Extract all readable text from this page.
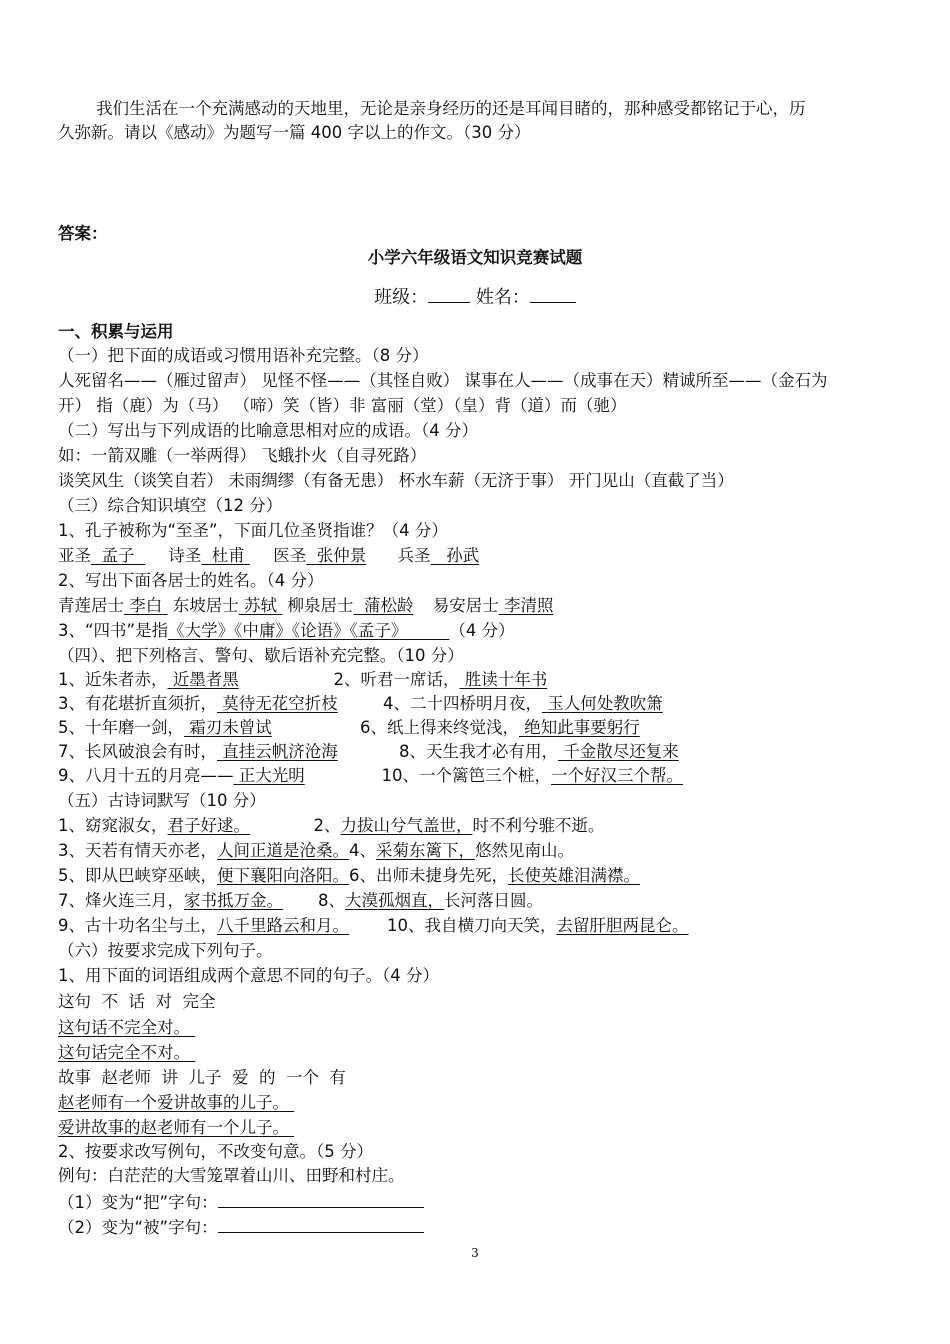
我们生活在一个充满感动的天地里，无论是亲身经历的还是耳闻目睹的，那种感受都铭记于心，历
久弥新。请以《感动》为题写一篇 400 字以上的作文。（30 分）
答案：
小学六年级语文知识竞赛试题
班级：	姓名：
一、积累与运用
（一）把下面的成语或习惯用语补充完整。（8 分）
人死留名——（雁过留声） 见怪不怪——（其怪自败） 谋事在人——（成事在天）精诚所至——（金石为
开） 指（鹿）为（马） （啼）笑（皆）非 富丽（堂）（皇）背（道）而（驰）
（二）写出与下列成语的比喻意思相对应的成语。（4 分）
如：一箭双雕（一举两得） 飞蛾扑火（自寻死路）
谈笑风生（谈笑自若） 未雨绸缪（有备无患） 杯水车薪（无济于事） 开门见山（直截了当）
（三）综合知识填空（12 分）
1、孔子被称为“至圣”，下面几位圣贤指谁？（4 分）
亚圣 孟子 诗圣 杜甫 医圣 张仲景 兵圣 孙武
2、写出下面各居士的姓名。（4 分）
青莲居士 李白 东坡居士 苏轼 柳泉居士 蒲松龄 易安居士 李清照
3、“四书”是指《大学》《中庸》《论语》《孟子》	（4 分）
（四）、把下列格言、警句、歇后语补充完整。（10 分）
1、近朱者赤， 近墨者黑	2、听君一席话， 胜读十年书
3、有花堪折直须折， 莫待无花空折枝	4、二十四桥明月夜， 玉人何处教吹箫
5、十年磨一剑， 霜刃未曾试	6、纸上得来终觉浅， 绝知此事要躬行
7、长风破浪会有时， 直挂云帆济沧海	8、天生我才必有用， 千金散尽还复来
9、八月十五的月亮—— 正大光明	10、一个篱笆三个桩，一个好汉三个帮。
（五）古诗词默写（10 分）
1、窈窕淑女，君子好逑。	2、力拔山兮气盖世，时不利兮骓不逝。
3、天若有情天亦老，人间正道是沧桑。4、采菊东篱下，悠然见南山。
5、即从巴峡穿巫峡，便下襄阳向洛阳。6、出师未捷身先死，长使英雄泪满襟。
7、烽火连三月，家书抵万金。 8、大漠孤烟直，长河落日圆。
9、古十功名尘与土，八千里路云和月。 10、我自横刀向天笑，去留肝胆两昆仑。
（六）按要求完成下列句子。
1、用下面的词语组成两个意思不同的句子。（4 分）
这句  不  话  对  完全
这句话不完全对。
这句话完全不对。
故事  赵老师  讲  儿子  爱  的  一个  有
赵老师有一个爱讲故事的儿子。
爱讲故事的赵老师有一个儿子。
2、按要求改写例句，不改变句意。（5 分）
例句：白茫茫的大雪笼罩着山川、田野和村庄。
（1）变为“把”字句：
（2）变为“被”字句：
3
